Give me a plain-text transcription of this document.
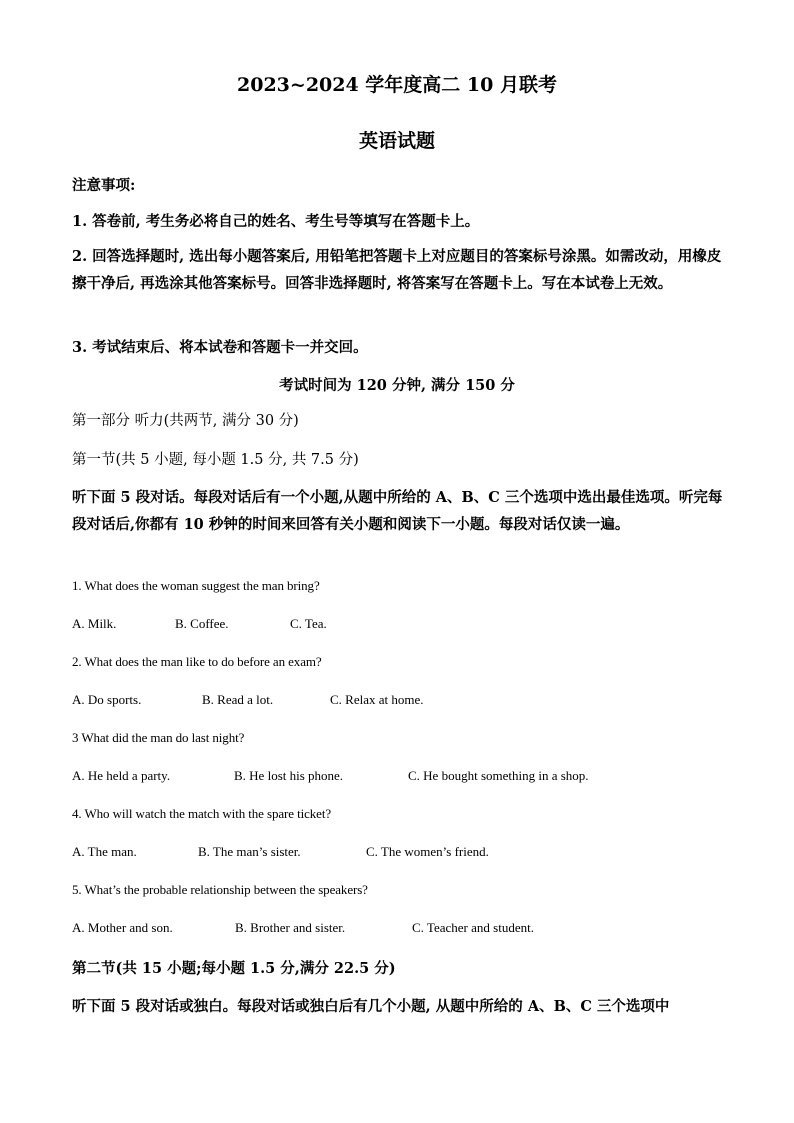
2023~2024 学年度高二 10 月联考
英语试题
注意事项:
1. 答卷前, 考生务必将自己的姓名、考生号等填写在答题卡上。
2. 回答选择题时, 选出每小题答案后, 用铅笔把答题卡上对应题目的答案标号涂黑。如需改动，用橡皮擦干净后, 再选涂其他答案标号。回答非选择题时, 将答案写在答题卡上。写在本试卷上无效。
3. 考试结束后、将本试卷和答题卡一并交回。
考试时间为 120 分钟, 满分 150 分
第一部分 听力(共两节, 满分 30 分)
第一节(共 5 小题, 每小题 1.5 分, 共 7.5 分)
听下面 5 段对话。每段对话后有一个小题,从题中所给的 A、B、C 三个选项中选出最佳选项。听完每段对话后,你都有 10 秒钟的时间来回答有关小题和阅读下一小题。每段对话仅读一遍。
1. What does the woman suggest the man bring?
A. Milk.	B. Coffee.	C. Tea.
2. What does the man like to do before an exam?
A. Do sports.	B. Read a lot.	C. Relax at home.
3 What did the man do last night?
A. He held a party.	B. He lost his phone.	C. He bought something in a shop.
4. Who will watch the match with the spare ticket?
A. The man.	B. The man’s sister.	C. The women’s friend.
5. What’s the probable relationship between the speakers?
A. Mother and son.	B. Brother and sister.	C. Teacher and student.
第二节(共 15 小题;每小题 1.5 分,满分 22.5 分)
听下面 5 段对话或独白。每段对话或独白后有几个小题, 从题中所给的 A、B、C 三个选项中
